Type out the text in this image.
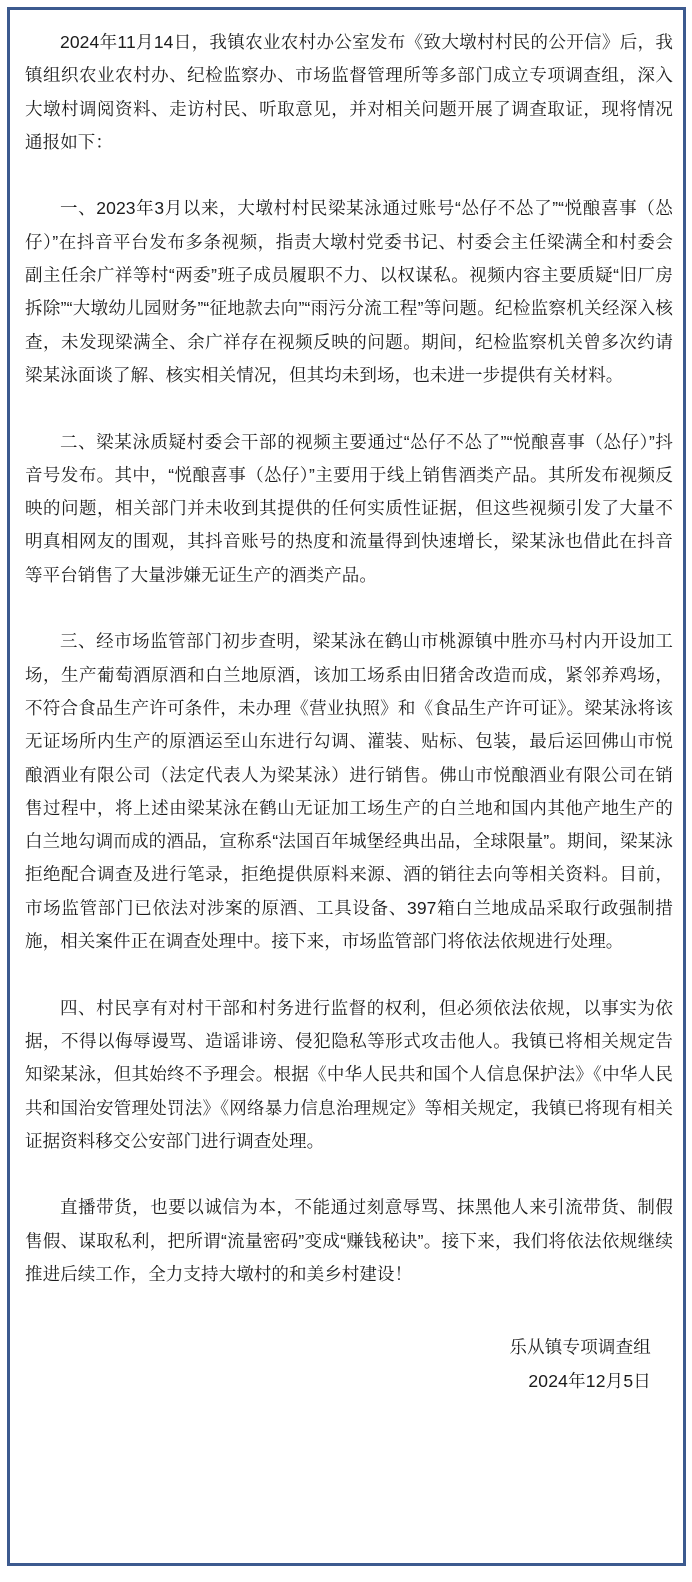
2024年11月14日，我镇农业农村办公室发布《致大墩村村民的公开信》后，我镇组织农业农村办、纪检监察办、市场监督管理所等多部门成立专项调查组，深入大墩村调阅资料、走访村民、听取意见，并对相关问题开展了调查取证，现将情况通报如下：

一、2023年3月以来，大墩村村民梁某泳通过账号“怂仔不怂了”“悦酿喜事（怂仔）”在抖音平台发布多条视频，指责大墩村党委书记、村委会主任梁满全和村委会副主任余广祥等村“两委”班子成员履职不力、以权谋私。视频内容主要质疑“旧厂房拆除”“大墩幼儿园财务”“征地款去向”“雨污分流工程”等问题。纪检监察机关经深入核查，未发现梁满全、余广祥存在视频反映的问题。期间，纪检监察机关曾多次约请梁某泳面谈了解、核实相关情况，但其均未到场，也未进一步提供有关材料。

二、梁某泳质疑村委会干部的视频主要通过“怂仔不怂了”“悦酿喜事（怂仔）”抖音号发布。其中，“悦酿喜事（怂仔）”主要用于线上销售酒类产品。其所发布视频反映的问题，相关部门并未收到其提供的任何实质性证据，但这些视频引发了大量不明真相网友的围观，其抖音账号的热度和流量得到快速增长，梁某泳也借此在抖音等平台销售了大量涉嫌无证生产的酒类产品。

三、经市场监管部门初步查明，梁某泳在鹤山市桃源镇中胜亦马村内开设加工场，生产葡萄酒原酒和白兰地原酒，该加工场系由旧猪舍改造而成，紧邻养鸡场，不符合食品生产许可条件，未办理《营业执照》和《食品生产许可证》。梁某泳将该无证场所内生产的原酒运至山东进行勾调、灌装、贴标、包装，最后运回佛山市悦酿酒业有限公司（法定代表人为梁某泳）进行销售。佛山市悦酿酒业有限公司在销售过程中，将上述由梁某泳在鹤山无证加工场生产的白兰地和国内其他产地生产的白兰地勾调而成的酒品，宣称系“法国百年城堡经典出品，全球限量”。期间，梁某泳拒绝配合调查及进行笔录，拒绝提供原料来源、酒的销往去向等相关资料。目前，市场监管部门已依法对涉案的原酒、工具设备、397箱白兰地成品采取行政强制措施，相关案件正在调查处理中。接下来，市场监管部门将依法依规进行处理。

四、村民享有对村干部和村务进行监督的权利，但必须依法依规，以事实为依据，不得以侮辱谩骂、造谣诽谤、侵犯隐私等形式攻击他人。我镇已将相关规定告知梁某泳，但其始终不予理会。根据《中华人民共和国个人信息保护法》《中华人民共和国治安管理处罚法》《网络暴力信息治理规定》等相关规定，我镇已将现有相关证据资料移交公安部门进行调查处理。

直播带货，也要以诚信为本，不能通过刻意辱骂、抹黑他人来引流带货、制假售假、谋取私利，把所谓“流量密码”变成“赚钱秘诀”。接下来，我们将依法依规继续推进后续工作，全力支持大墩村的和美乡村建设！

乐从镇专项调查组
2024年12月5日
